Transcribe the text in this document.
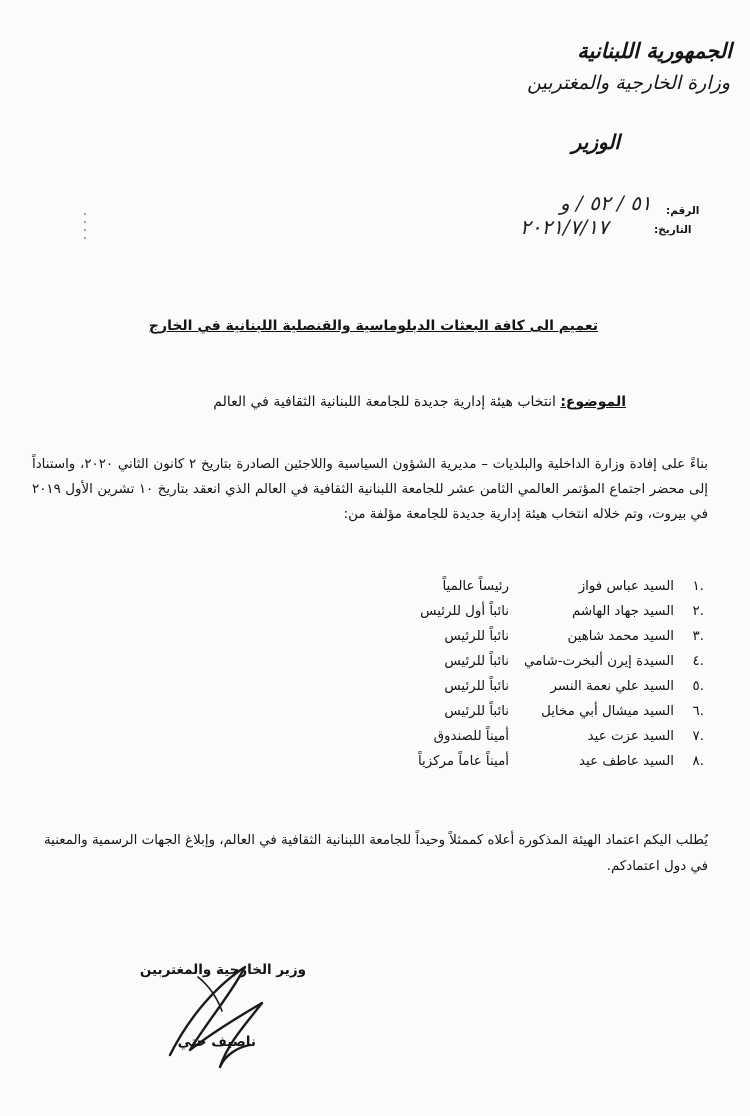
الجمهورية اللبنانية
وزارة الخارجية والمغتربين
الوزير
الرقم:
٥١ / ٥٢ / و
التاريخ:
٢٠٢١/٧/١٧
تعميم الى كافة البعثات الدبلوماسية والقنصلية اللبنانية في الخارج
الموضوع: انتخاب هيئة إدارية جديدة للجامعة اللبنانية الثقافية في العالم
بناءً على إفادة وزارة الداخلية والبلديات – مديرية الشؤون السياسية واللاجئين الصادرة بتاريخ ٢ كانون الثاني ٢٠٢٠، واستناداً إلى محضر اجتماع المؤتمر العالمي الثامن عشر للجامعة اللبنانية الثقافية في العالم الذي انعقد بتاريخ ١٠ تشرين الأول ٢٠١٩ في بيروت، وتم خلاله انتخاب هيئة إدارية جديدة للجامعة مؤلفة من:
.١
السيد عباس فواز
رئيساً عالمياً
.٢
السيد جهاد الهاشم
نائباً أول للرئيس
.٣
السيد محمد شاهين
نائباً للرئيس
.٤
السيدة إيرن ألبخرت-شامي
نائباً للرئيس
.٥
السيد علي نعمة النسر
نائباً للرئيس
.٦
السيد ميشال أبي مخايل
نائباً للرئيس
.٧
السيد عزت عيد
أميناً للصندوق
.٨
السيد عاطف عيد
أميناً عاماً مركزياً
يُطلب اليكم اعتماد الهيئة المذكورة أعلاه كممثلاً وحيداً للجامعة اللبنانية الثقافية في العالم، وإبلاغ الجهات الرسمية والمعنية في دول اعتمادكم.
وزير الخارجية والمغتربين
ناصيف حتي
